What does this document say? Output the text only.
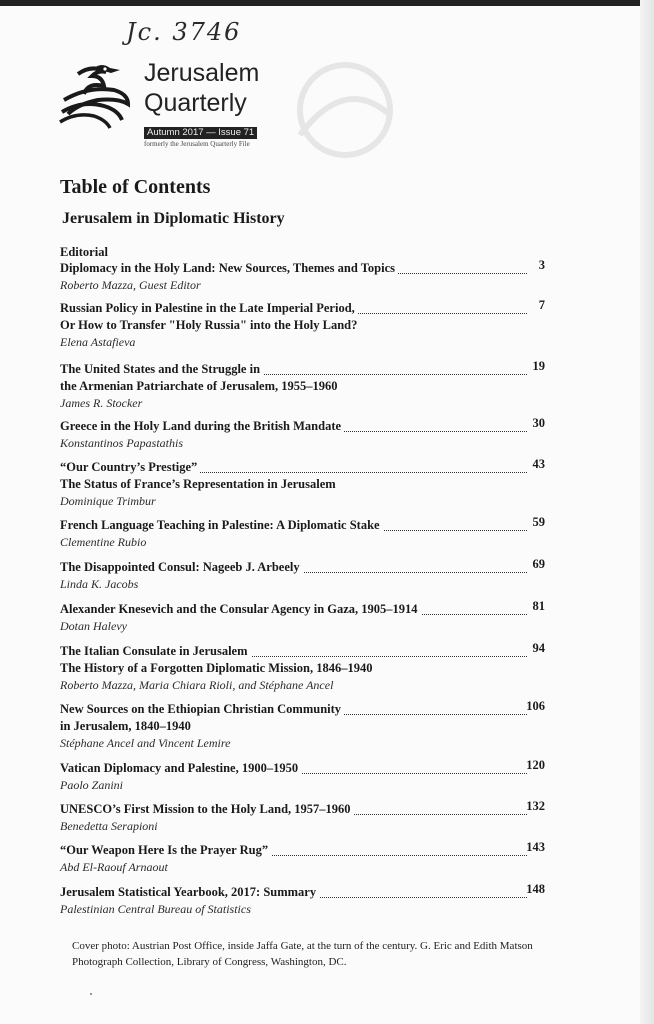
Jc. 3746
Jerusalem
Quarterly
Autumn 2017 — Issue 71
formerly the Jerusalem Quarterly File
Table of Contents
Jerusalem in Diplomatic History
Editorial
Diplomacy in the Holy Land: New Sources, Themes and Topics	3
Roberto Mazza, Guest Editor
Russian Policy in Palestine in the Late Imperial Period,	7
Or How to Transfer "Holy Russia" into the Holy Land?
Elena Astafieva
The United States and the Struggle in	19
the Armenian Patriarchate of Jerusalem, 1955–1960
James R. Stocker
Greece in the Holy Land during the British Mandate	30
Konstantinos Papastathis
“Our Country’s Prestige”	43
The Status of France’s Representation in Jerusalem
Dominique Trimbur
French Language Teaching in Palestine: A Diplomatic Stake	59
Clementine Rubio
The Disappointed Consul: Nageeb J. Arbeely	69
Linda K. Jacobs
Alexander Knesevich and the Consular Agency in Gaza, 1905–1914	81
Dotan Halevy
The Italian Consulate in Jerusalem	94
The History of a Forgotten Diplomatic Mission, 1846–1940
Roberto Mazza, Maria Chiara Rioli, and Stéphane Ancel
New Sources on the Ethiopian Christian Community	106
in Jerusalem, 1840–1940
Stéphane Ancel and Vincent Lemire
Vatican Diplomacy and Palestine, 1900–1950	120
Paolo Zanini
UNESCO’s First Mission to the Holy Land, 1957–1960	132
Benedetta Serapioni
“Our Weapon Here Is the Prayer Rug”	143
Abd El-Raouf Arnaout
Jerusalem Statistical Yearbook, 2017: Summary	148
Palestinian Central Bureau of Statistics
Cover photo: Austrian Post Office, inside Jaffa Gate, at the turn of the century. G. Eric and Edith Matson Photograph Collection, Library of Congress, Washington, DC.
